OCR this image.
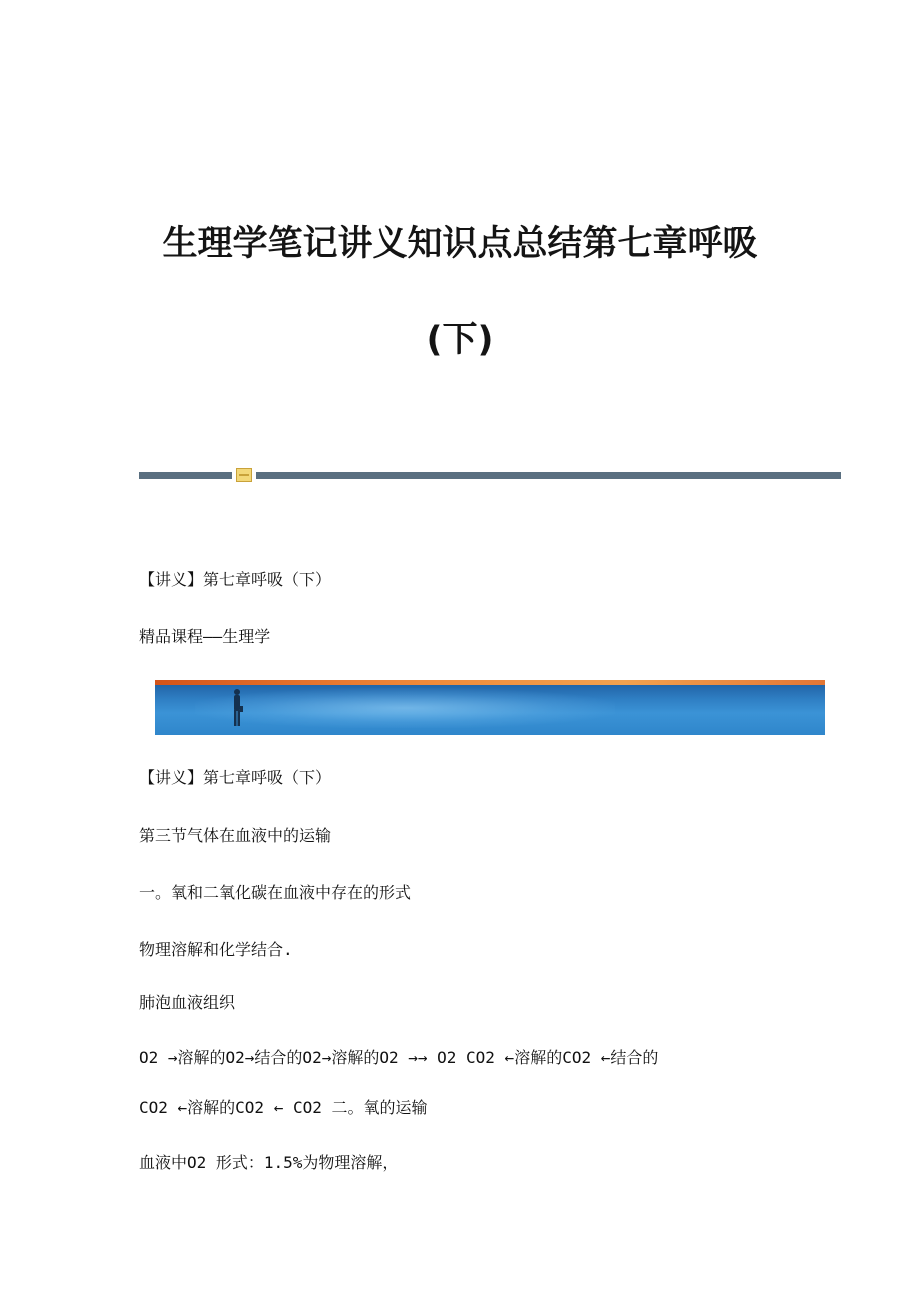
生理学笔记讲义知识点总结第七章呼吸
(下)
【讲义】第七章呼吸（下）
精品课程——生理学
【讲义】第七章呼吸（下）
第三节气体在血液中的运输
一。氧和二氧化碳在血液中存在的形式
物理溶解和化学结合.
肺泡血液组织
O2 →溶解的O2→结合的O2→溶解的O2 →→ O2 CO2 ←溶解的CO2 ←结合的
CO2 ←溶解的CO2 ← CO2 二。氧的运输
血液中O2 形式：1.5%为物理溶解，
